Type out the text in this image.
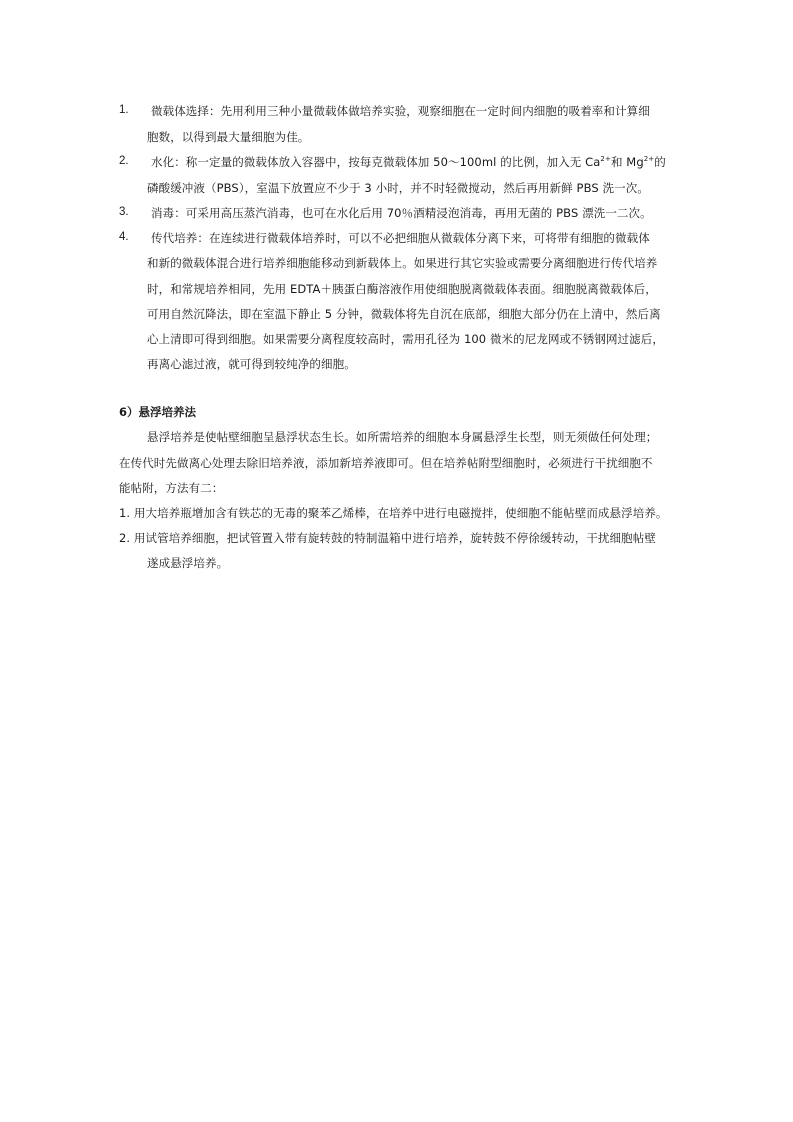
1. 微载体选择：先用利用三种小量微载体做培养实验，观察细胞在一定时间内细胞的吸着率和计算细
胞数，以得到最大量细胞为佳。
2. 水化：称一定量的微载体放入容器中，按每克微载体加 50～100ml 的比例，加入无 $Ca^{2+}$和 $Mg^{2+}$的
磷酸缓冲液（PBS），室温下放置应不少于 3 小时，并不时轻微搅动，然后再用新鲜 PBS 洗一次。
3. 消毒：可采用高压蒸汽消毒，也可在水化后用 70％酒精浸泡消毒，再用无菌的 PBS 漂洗一二次。
4. 传代培养：在连续进行微载体培养时，可以不必把细胞从微载体分离下来，可将带有细胞的微载体
和新的微载体混合进行培养细胞能移动到新载体上。如果进行其它实验或需要分离细胞进行传代培养
时，和常规培养相同，先用 EDTA＋胰蛋白酶溶液作用使细胞脱离微载体表面。细胞脱离微载体后，
可用自然沉降法，即在室温下静止 5 分钟，微载体将先自沉在底部，细胞大部分仍在上清中，然后离
心上清即可得到细胞。如果需要分离程度较高时，需用孔径为 100 微米的尼龙网或不锈钢网过滤后，
再离心滤过液，就可得到较纯净的细胞。
6）悬浮培养法
悬浮培养是使帖壁细胞呈悬浮状态生长。如所需培养的细胞本身属悬浮生长型，则无须做任何处理；
在传代时先做离心处理去除旧培养液，添加新培养液即可。但在培养帖附型细胞时，必须进行干扰细胞不
能帖附，方法有二：
1. 用大培养瓶增加含有铁芯的无毒的聚苯乙烯棒，在培养中进行电磁搅拌，使细胞不能帖壁而成悬浮培养。
2. 用试管培养细胞，把试管置入带有旋转鼓的特制温箱中进行培养，旋转鼓不停徐缓转动，干扰细胞帖壁
遂成悬浮培养。
